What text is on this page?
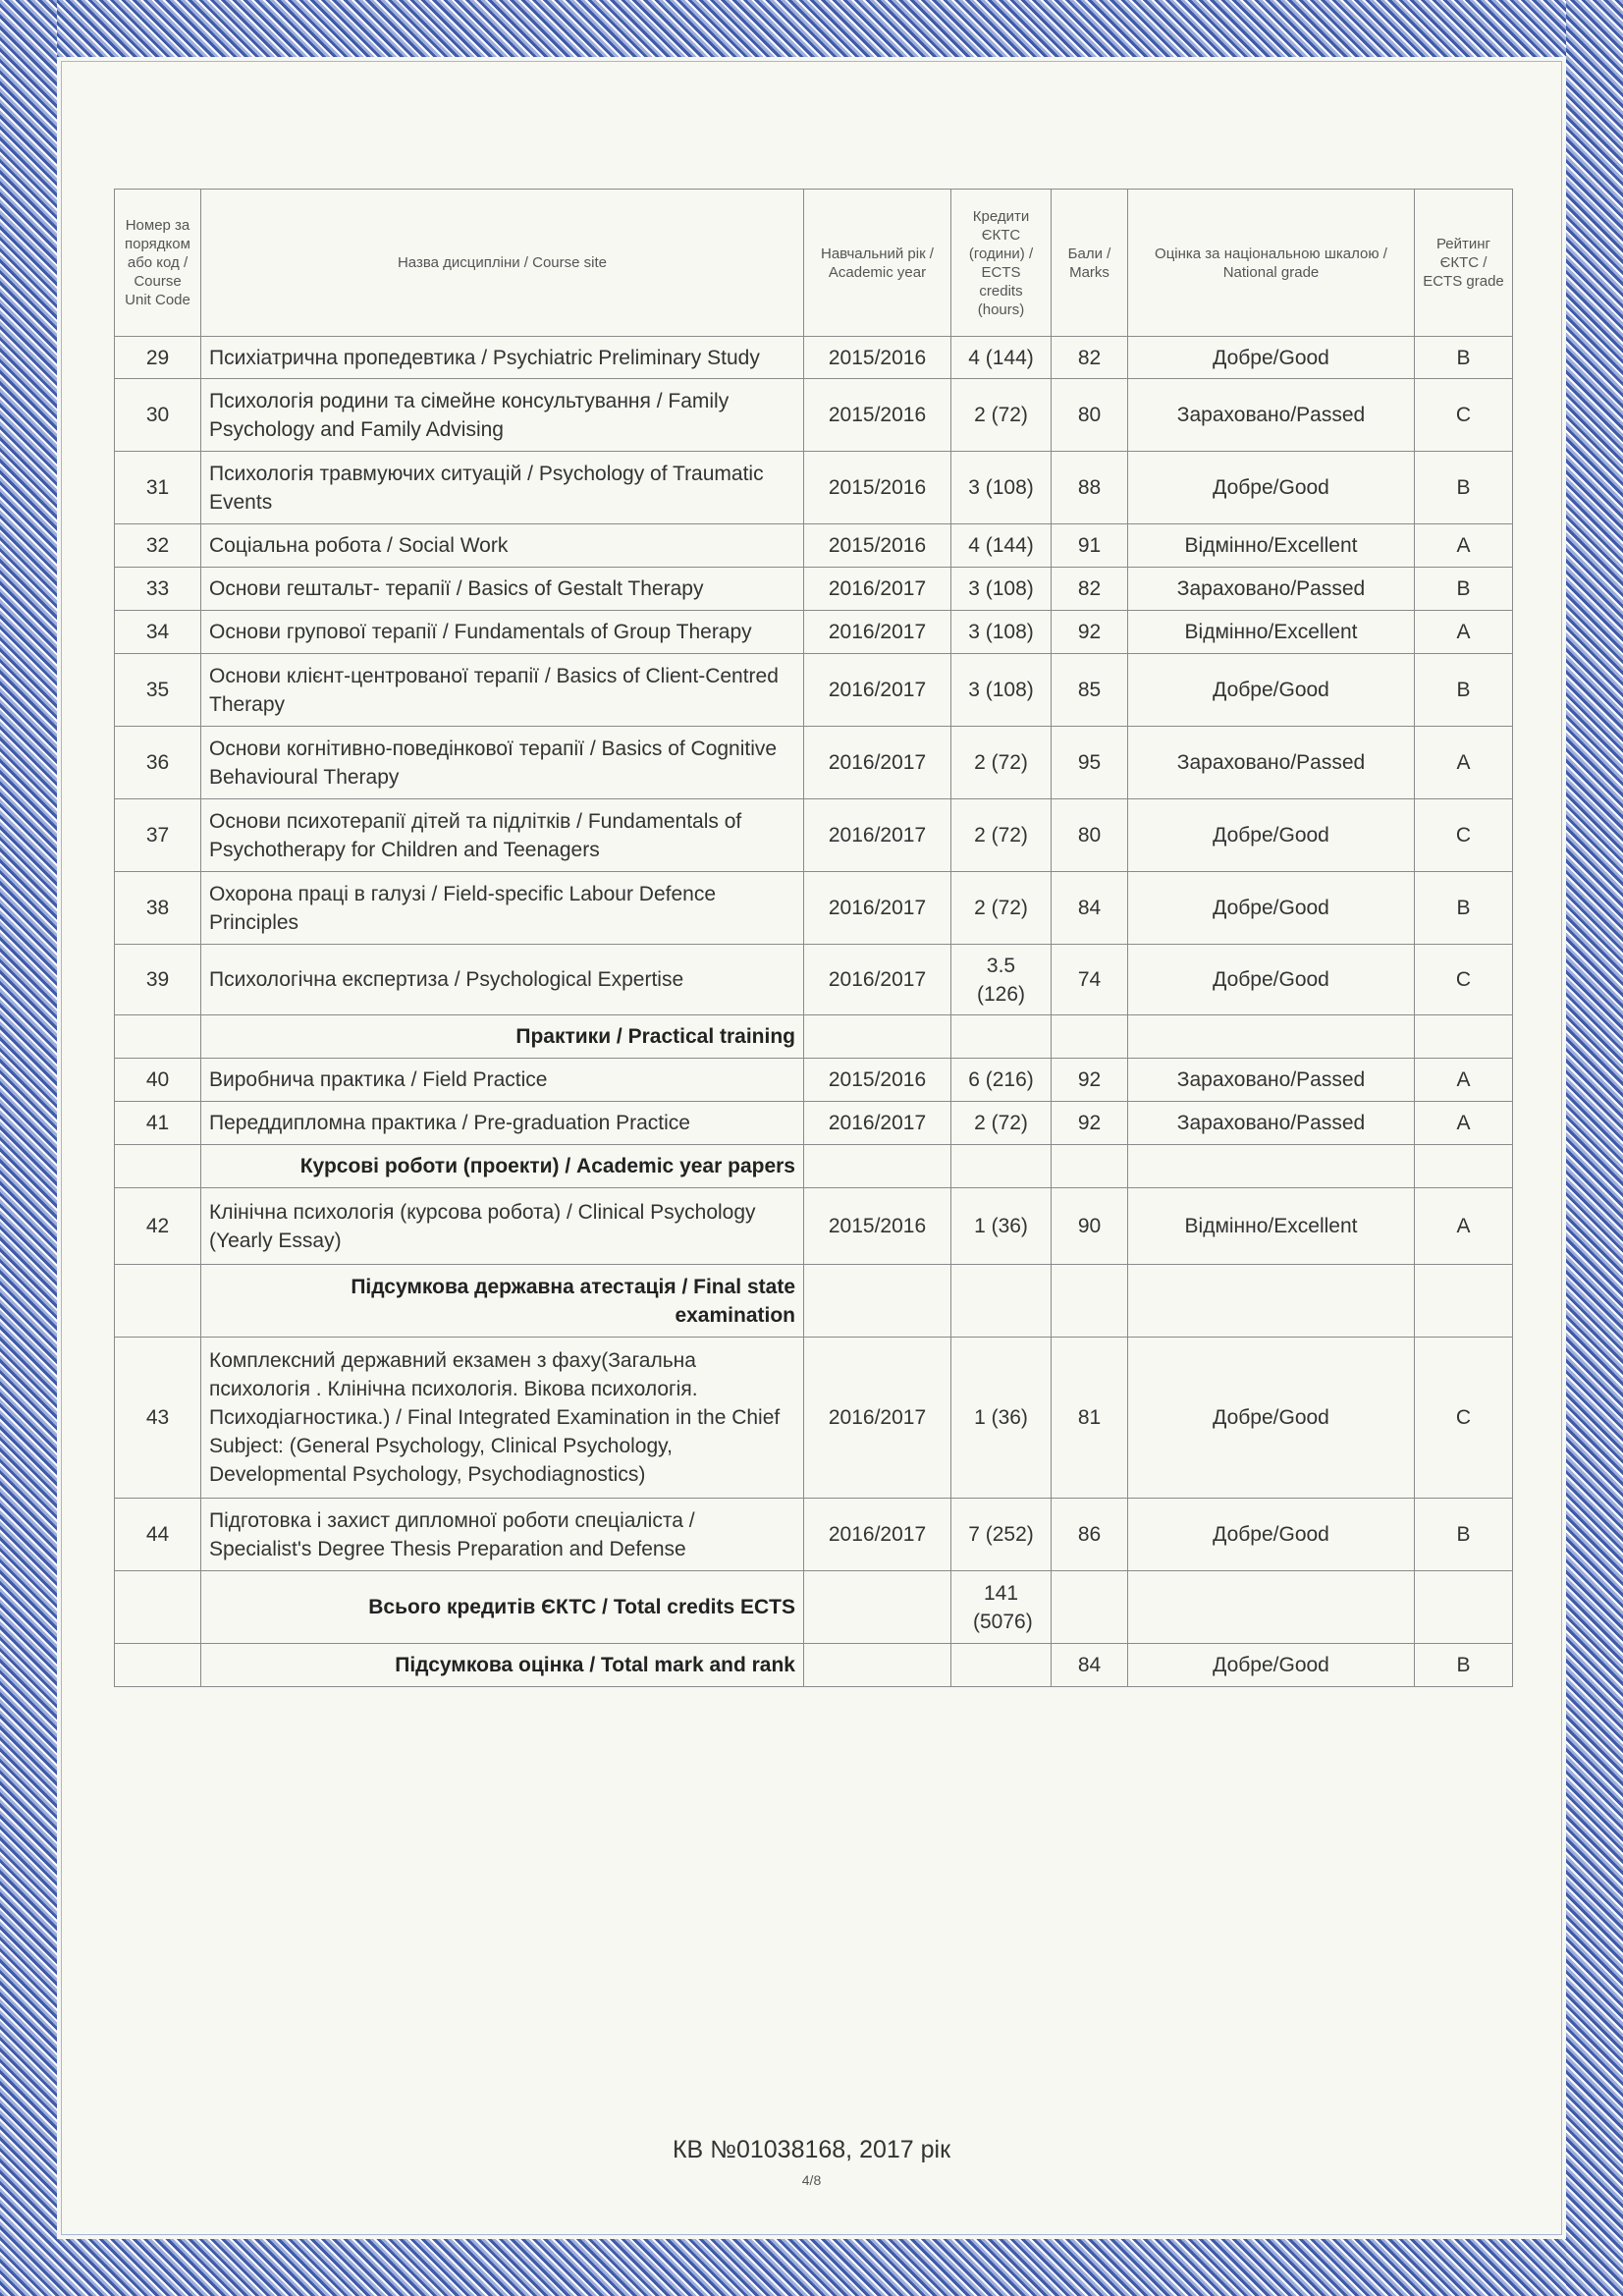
Номер за порядком або код / Course Unit Code	Назва дисципліни / Course site	Навчальний рік / Academic year	Кредити ЄКТС (години) / ECTS credits (hours)	Бали / Marks	Оцінка за національною шкалою / National grade	Рейтинг ЄКТС / ECTS grade
29	Психіатрична пропедевтика / Psychiatric Preliminary Study	2015/2016	4 (144)	82	Добре/Good	B
30	Психологія родини та сімейне консультування / Family Psychology and Family Advising	2015/2016	2 (72)	80	Зараховано/Passed	C
31	Психологія травмуючих ситуацій / Psychology of Traumatic Events	2015/2016	3 (108)	88	Добре/Good	B
32	Соціальна робота / Social Work	2015/2016	4 (144)	91	Відмінно/Excellent	A
33	Основи гештальт- терапії / Basics of Gestalt Therapy	2016/2017	3 (108)	82	Зараховано/Passed	B
34	Основи групової терапії / Fundamentals of Group Therapy	2016/2017	3 (108)	92	Відмінно/Excellent	A
35	Основи клієнт-центрованої терапії / Basics of Client-Centred Therapy	2016/2017	3 (108)	85	Добре/Good	B
36	Основи когнітивно-поведінкової терапії / Basics of Cognitive Behavioural Therapy	2016/2017	2 (72)	95	Зараховано/Passed	A
37	Основи психотерапії дітей та підлітків / Fundamentals of Psychotherapy for Children and Teenagers	2016/2017	2 (72)	80	Добре/Good	C
38	Охорона праці в галузі / Field-specific Labour Defence Principles	2016/2017	2 (72)	84	Добре/Good	B
39	Психологічна експертиза / Psychological Expertise	2016/2017	3.5 (126)	74	Добре/Good	C
	Практики / Practical training					
40	Виробнича практика / Field Practice	2015/2016	6 (216)	92	Зараховано/Passed	A
41	Переддипломна практика / Pre-graduation Practice	2016/2017	2 (72)	92	Зараховано/Passed	A
	Курсові роботи (проекти) / Academic year papers					
42	Клінічна психологія (курсова робота) / Clinical Psychology (Yearly Essay)	2015/2016	1 (36)	90	Відмінно/Excellent	A
	Підсумкова державна атестація / Final state examination					
43	Комплексний державний екзамен з фаху(Загальна психологія . Клінічна психологія. Вікова психологія. Психодіагностика.) / Final Integrated Examination in the Chief Subject: (General Psychology, Clinical Psychology, Developmental Psychology, Psychodiagnostics)	2016/2017	1 (36)	81	Добре/Good	C
44	Підготовка і захист дипломної роботи спеціаліста / Specialist's Degree Thesis Preparation and Defense	2016/2017	7 (252)	86	Добре/Good	B
	Всього кредитів ЄКТС / Total credits ECTS		141 (5076)			
	Підсумкова оцінка / Total mark and rank			84	Добре/Good	B
КВ №01038168, 2017 рік
4/8
